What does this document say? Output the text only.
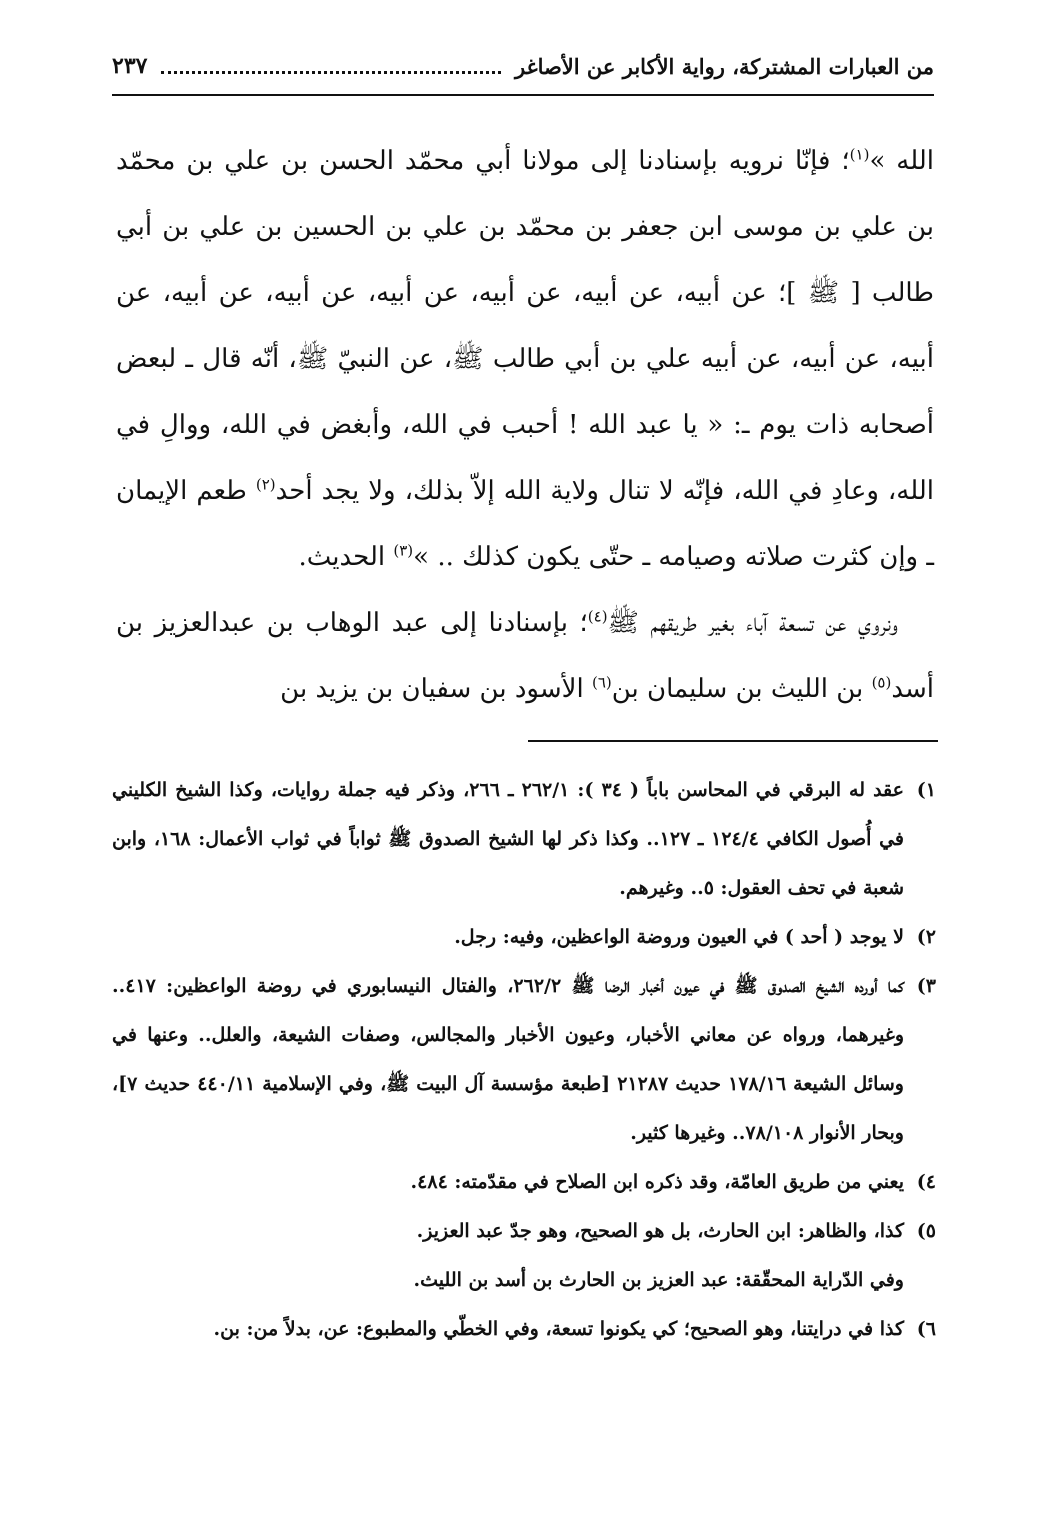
من العبارات المشتركة، رواية الأكابر عن الأصاغر
٢٣٧

الله »$^{(١)}$؛ فإنّا نرويه بإسنادنا إلى مولانا أبي محمّد الحسن بن علي بن محمّد بن علي بن موسى ابن جعفر بن محمّد بن علي بن الحسين بن علي بن أبي طالب [ ﷺ ]؛ عن أبيه، عن أبيه، عن أبيه، عن أبيه، عن أبيه، عن أبيه، عن أبيه، عن أبيه، عن أبيه علي بن أبي طالب ﷺ، عن النبيّ ﷺ، أنّه قال ـ لبعض أصحابه ذات يوم ـ: « يا عبد الله ! أحبب في الله، وأبغض في الله، ووالِ في الله، وعادِ في الله، فإنّه لا تنال ولاية الله إلاّ بذلك، ولا يجد أحد$^{(٢)}$ طعم الإيمان ـ وإن كثرت صلاته وصيامه ـ حتّى يكون كذلك .. »$^{(٣)}$ الحديث.

ونروي عن تسعة آباء بغير طريقهم ﷺ$^{(٤)}$؛ بإسنادنا إلى عبد الوهاب بن عبدالعزيز بن أسد$^{(٥)}$ بن الليث بن سليمان بن$^{(٦)}$ الأسود بن سفيان بن يزيد بن

١)
عقد له البرقي في المحاسن باباً ( ٣٤ ): ٢٦٢/١ ـ ٢٦٦، وذكر فيه جملة روايات، وكذا الشيخ الكليني في أُصول الكافي ١٢٤/٤ ـ ١٢٧.. وكذا ذكر لها الشيخ الصدوق ﷺ ثواباً في ثواب الأعمال: ١٦٨، وابن شعبة في تحف العقول: ٥.. وغيرهم.
٢)
لا يوجد ( أحد ) في العيون وروضة الواعظين، وفيه: رجل.
٣)
كما أورده الشيخ الصدوق ﷺ في عيون أخبار الرضا ﷺ ٢٦٢/٢، والفتال النيسابوري في روضة الواعظين: ٤١٧.. وغيرهما، ورواه عن معاني الأخبار، وعيون الأخبار والمجالس، وصفات الشيعة، والعلل.. وعنها في وسائل الشيعة ١٧٨/١٦ حديث ٢١٢٨٧ [طبعة مؤسسة آل البيت ﷺ، وفي الإسلامية ٤٤٠/١١ حديث ٧]، وبحار الأنوار ٧٨/١٠٨.. وغيرها كثير.
٤)
يعني من طريق العامّة، وقد ذكره ابن الصلاح في مقدّمته: ٤٨٤.
٥)
كذا، والظاهر: ابن الحارث، بل هو الصحيح، وهو جدّ عبد العزيز.
وفي الدّراية المحقّقة: عبد العزيز بن الحارث بن أسد بن الليث.
٦)
كذا في درايتنا، وهو الصحيح؛ كي يكونوا تسعة، وفي الخطّي والمطبوع: عن، بدلاً من: بن.
